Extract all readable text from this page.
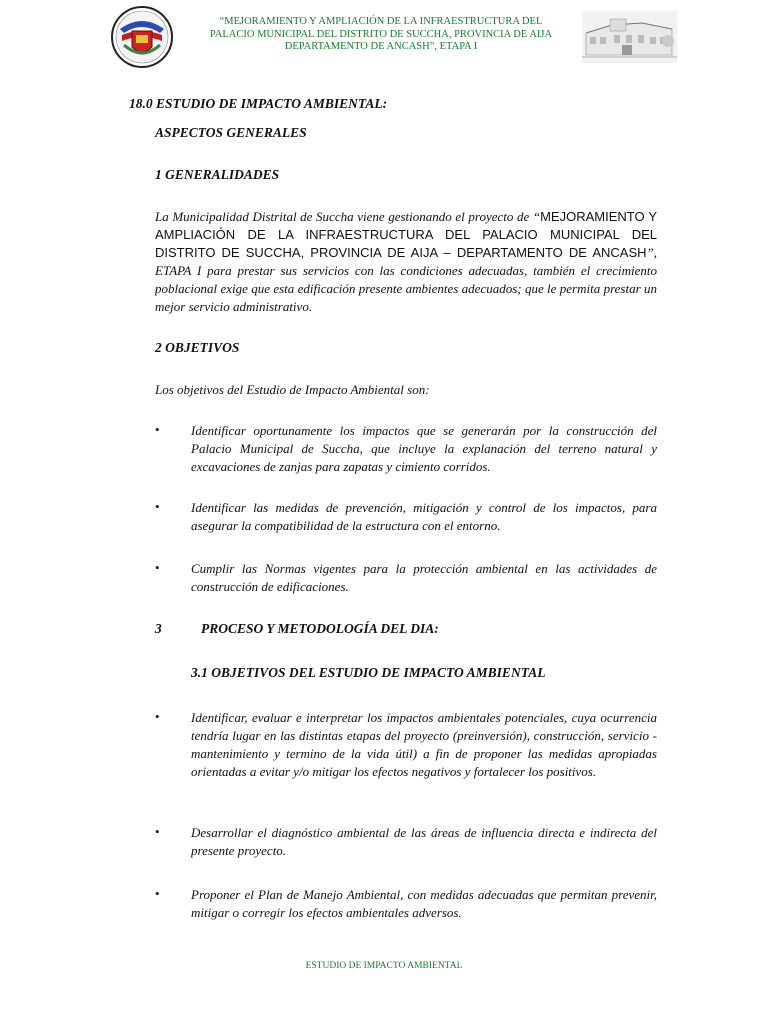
“MEJORAMIENTO Y AMPLIACIÓN DE LA INFRAESTRUCTURA DEL
PALACIO MUNICIPAL DEL DISTRITO DE SUCCHA, PROVINCIA DE AIJA
DEPARTAMENTO DE ANCASH”, ETAPA I
18.0 ESTUDIO DE IMPACTO AMBIENTAL:
ASPECTOS GENERALES
1 GENERALIDADES
La Municipalidad Distrital de Succha viene gestionando el proyecto de “MEJORAMIENTO Y AMPLIACIÓN DE LA INFRAESTRUCTURA DEL PALACIO MUNICIPAL DEL DISTRITO DE SUCCHA, PROVINCIA DE AIJA – DEPARTAMENTO DE ANCASH”, ETAPA I para prestar sus servicios con las condiciones adecuadas, también el crecimiento poblacional exige que esta edificación presente ambientes adecuados; que le permita prestar un mejor servicio administrativo.
2 OBJETIVOS
Los objetivos del Estudio de Impacto Ambiental son:
• Identificar oportunamente los impactos que se generarán por la construcción del Palacio Municipal de Succha, que incluye la explanación del terreno natural y excavaciones de zanjas para zapatas y cimiento corridos.
• Identificar las medidas de prevención, mitigación y control de los impactos, para asegurar la compatibilidad de la estructura con el entorno.
• Cumplir las Normas vigentes para la protección ambiental en las actividades de construcción de edificaciones.
3	PROCESO Y METODOLOGÍA DEL DIA:
3.1 OBJETIVOS DEL ESTUDIO DE IMPACTO AMBIENTAL
• Identificar, evaluar e interpretar los impactos ambientales potenciales, cuya ocurrencia tendría lugar en las distintas etapas del proyecto (preinversión), construcción, servicio - mantenimiento y termino de la vida útil) a fin de proponer las medidas apropiadas orientadas a evitar y/o mitigar los efectos negativos y fortalecer los positivos.
• Desarrollar el diagnóstico ambiental de las áreas de influencia directa e indirecta del presente proyecto.
• Proponer el Plan de Manejo Ambiental, con medidas adecuadas que permitan prevenir, mitigar o corregir los efectos ambientales adversos.
ESTUDIO DE IMPACTO AMBIENTAL
